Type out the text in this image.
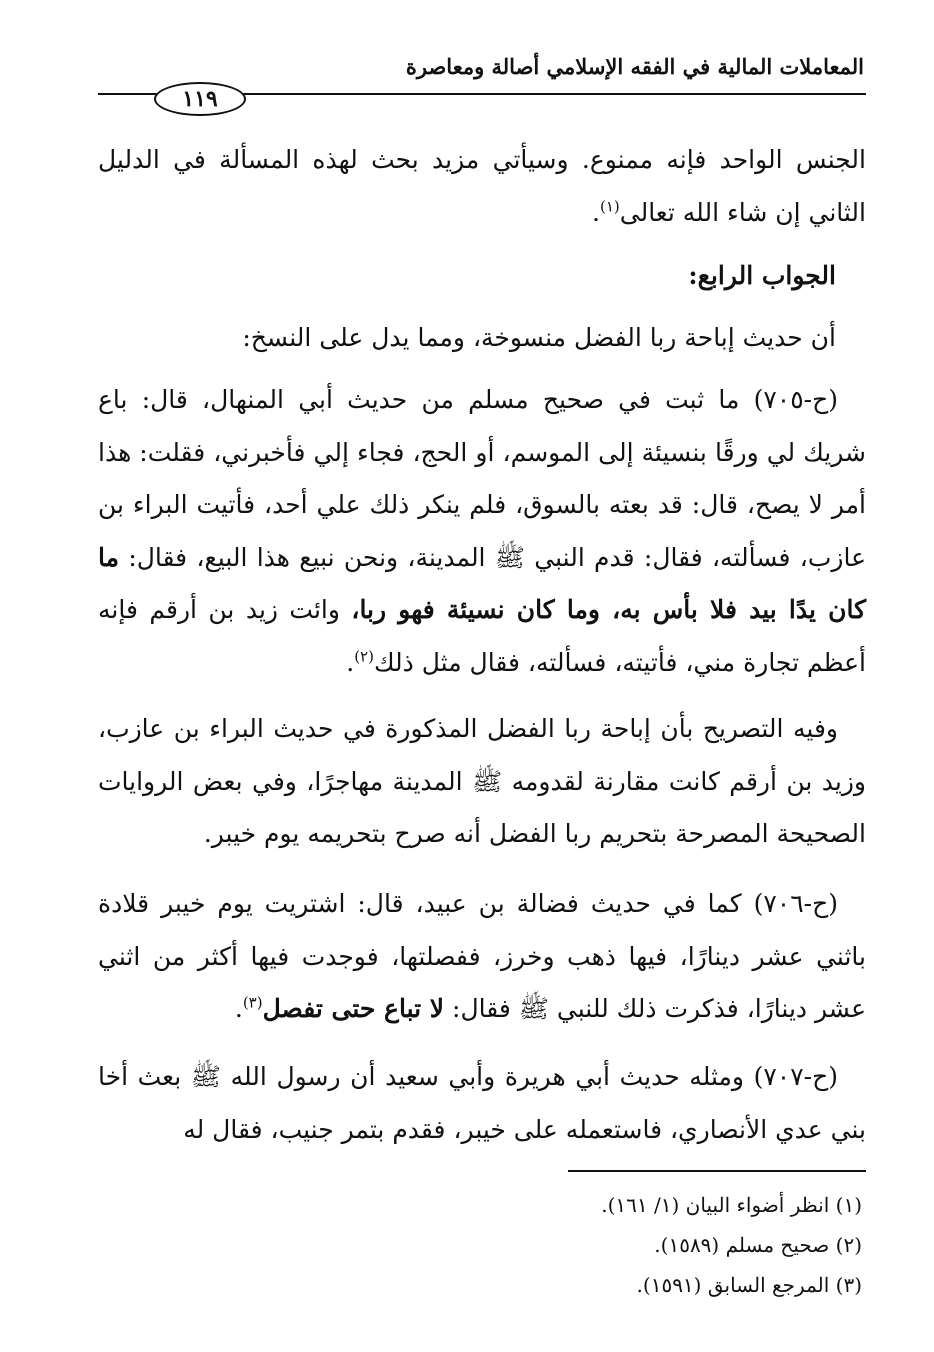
المعاملات المالية في الفقه الإسلامي أصالة ومعاصرة
١١٩
الجنس الواحد فإنه ممنوع. وسيأتي مزيد بحث لهذه المسألة في الدليل الثاني إن شاء الله تعالى$^{(١)}$.
الجواب الرابع:
أن حديث إباحة ربا الفضل منسوخة، ومما يدل على النسخ:
(ح-٧٠٥) ما ثبت في صحيح مسلم من حديث أبي المنهال، قال: باع شريك لي ورقًا بنسيئة إلى الموسم، أو الحج، فجاء إلي فأخبرني، فقلت: هذا أمر لا يصح، قال: قد بعته بالسوق، فلم ينكر ذلك علي أحد، فأتيت البراء بن عازب، فسألته، فقال: قدم النبي ﷺ المدينة، ونحن نبيع هذا البيع، فقال: ما كان يدًا بيد فلا بأس به، وما كان نسيئة فهو ربا، وائت زيد بن أرقم فإنه أعظم تجارة مني، فأتيته، فسألته، فقال مثل ذلك$^{(٢)}$.
وفيه التصريح بأن إباحة ربا الفضل المذكورة في حديث البراء بن عازب، وزيد بن أرقم كانت مقارنة لقدومه ﷺ المدينة مهاجرًا، وفي بعض الروايات الصحيحة المصرحة بتحريم ربا الفضل أنه صرح بتحريمه يوم خيبر.
(ح-٧٠٦) كما في حديث فضالة بن عبيد، قال: اشتريت يوم خيبر قلادة باثني عشر دينارًا، فيها ذهب وخرز، ففصلتها، فوجدت فيها أكثر من اثني عشر دينارًا، فذكرت ذلك للنبي ﷺ فقال: لا تباع حتى تفصل$^{(٣)}$.
(ح-٧٠٧) ومثله حديث أبي هريرة وأبي سعيد أن رسول الله ﷺ بعث أخا بني عدي الأنصاري، فاستعمله على خيبر، فقدم بتمر جنيب، فقال له
(١) انظر أضواء البيان (١/ ١٦١).
(٢) صحيح مسلم (١٥٨٩).
(٣) المرجع السابق (١٥٩١).
